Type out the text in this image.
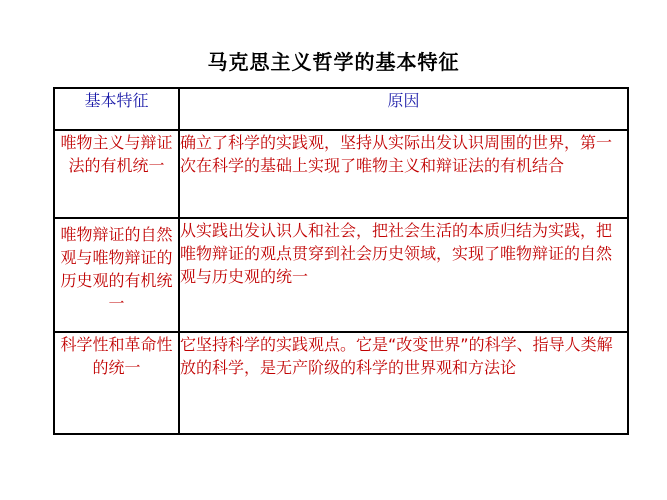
马克思主义哲学的基本特征
基本特征	原因
唯物主义与辩证法的有机统一	确立了科学的实践观，坚持从实际出发认识周围的世界，第一次在科学的基础上实现了唯物主义和辩证法的有机结合
唯物辩证的自然观与唯物辩证的历史观的有机统一	从实践出发认识人和社会，把社会生活的本质归结为实践，把唯物辩证的观点贯穿到社会历史领域，实现了唯物辩证的自然观与历史观的统一
科学性和革命性的统一	它坚持科学的实践观点。它是“改变世界”的科学、指导人类解放的科学，是无产阶级的科学的世界观和方法论
